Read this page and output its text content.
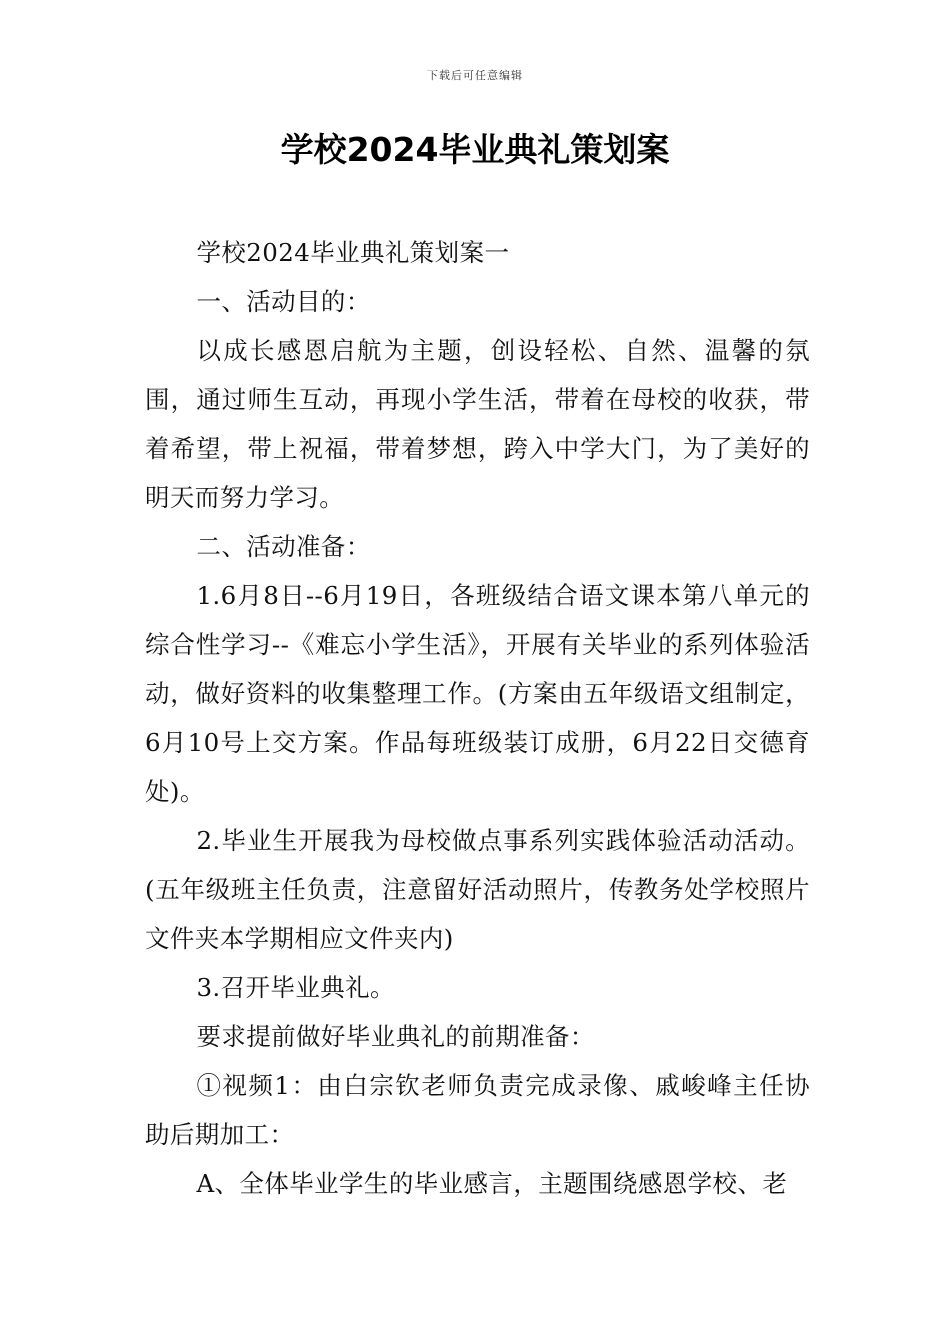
下载后可任意编辑
学校2024毕业典礼策划案

学校2024毕业典礼策划案一

一、活动目的：

以成长感恩启航为主题，创设轻松、自然、温馨的氛围，通过师生互动，再现小学生活，带着在母校的收获，带着希望，带上祝福，带着梦想，跨入中学大门，为了美好的明天而努力学习。

二、活动准备：

1.6月8日--6月19日，各班级结合语文课本第八单元的综合性学习--《难忘小学生活》，开展有关毕业的系列体验活动，做好资料的收集整理工作。(方案由五年级语文组制定，6月10号上交方案。作品每班级装订成册，6月22日交德育处)。

2.毕业生开展我为母校做点事系列实践体验活动活动。(五年级班主任负责，注意留好活动照片，传教务处学校照片文件夹本学期相应文件夹内)

3.召开毕业典礼。

要求提前做好毕业典礼的前期准备：

①视频1：由白宗钦老师负责完成录像、戚峻峰主任协助后期加工：

A、全体毕业学生的毕业感言，主题围绕感恩学校、老
